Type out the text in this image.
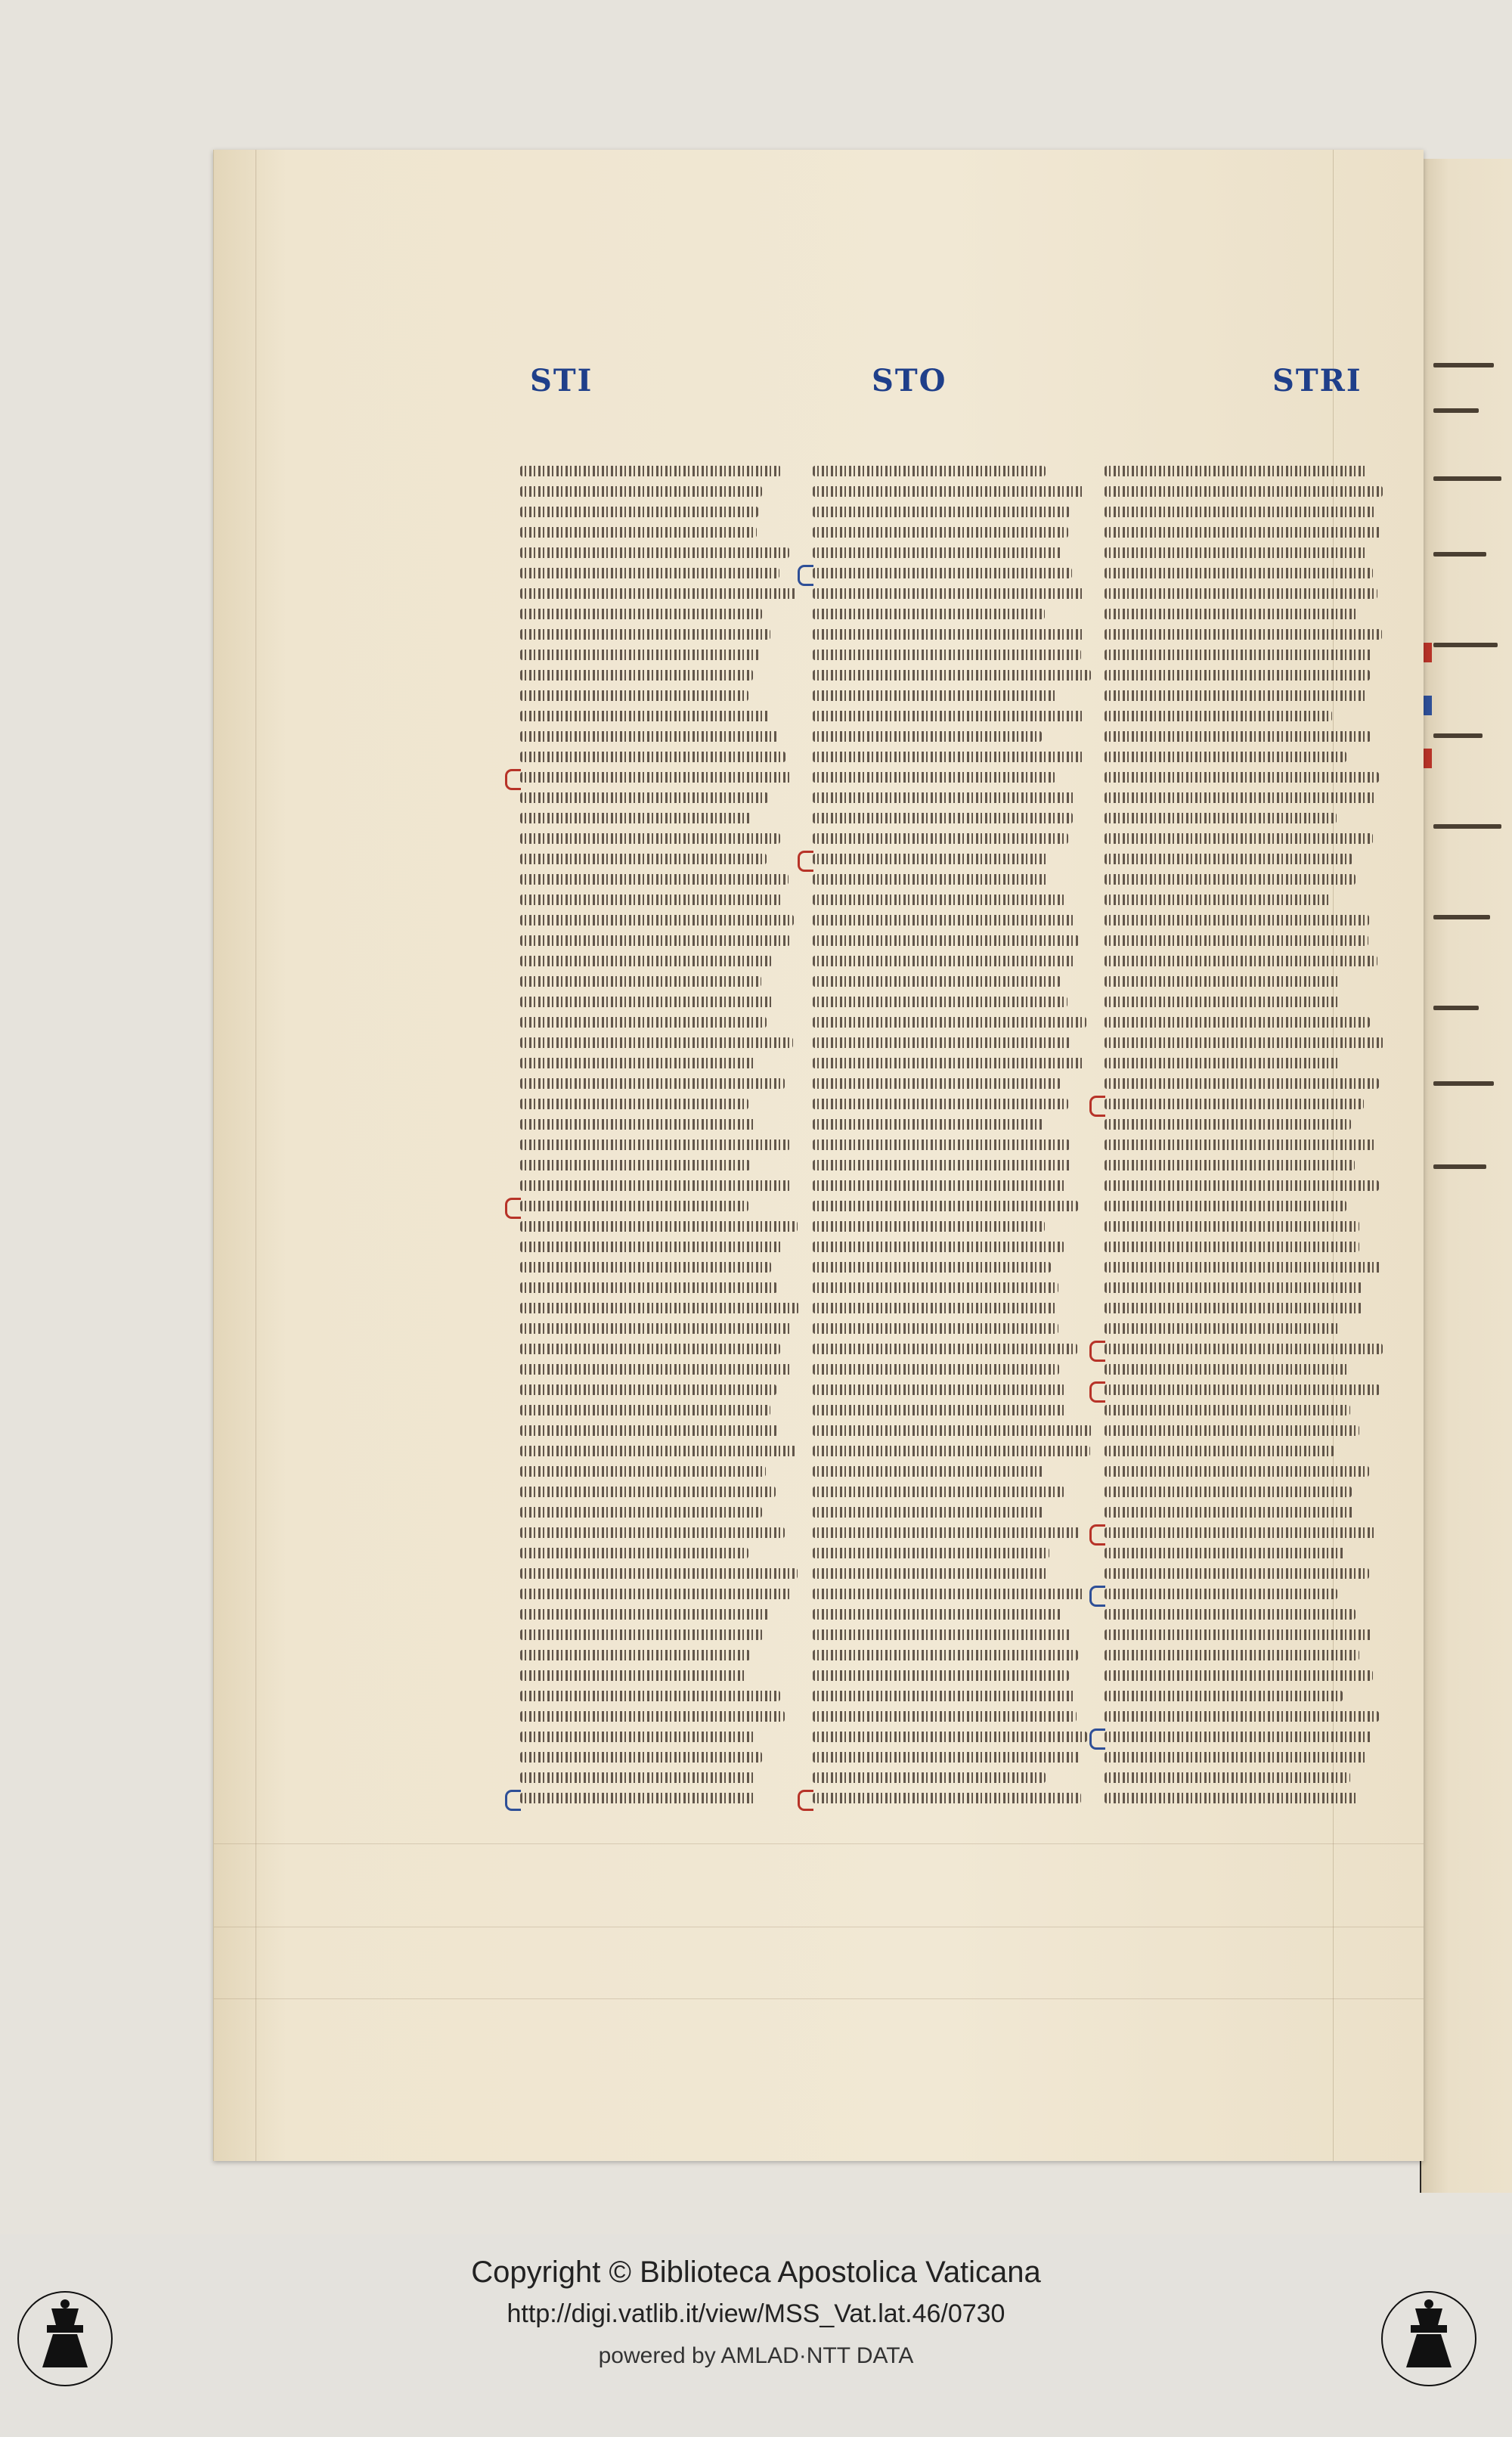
STI	STO	STRI
Copyright © Biblioteca Apostolica Vaticana
http://digi.vatlib.it/view/MSS_Vat.lat.46/0730
powered by AMLAD·NTT DATA
